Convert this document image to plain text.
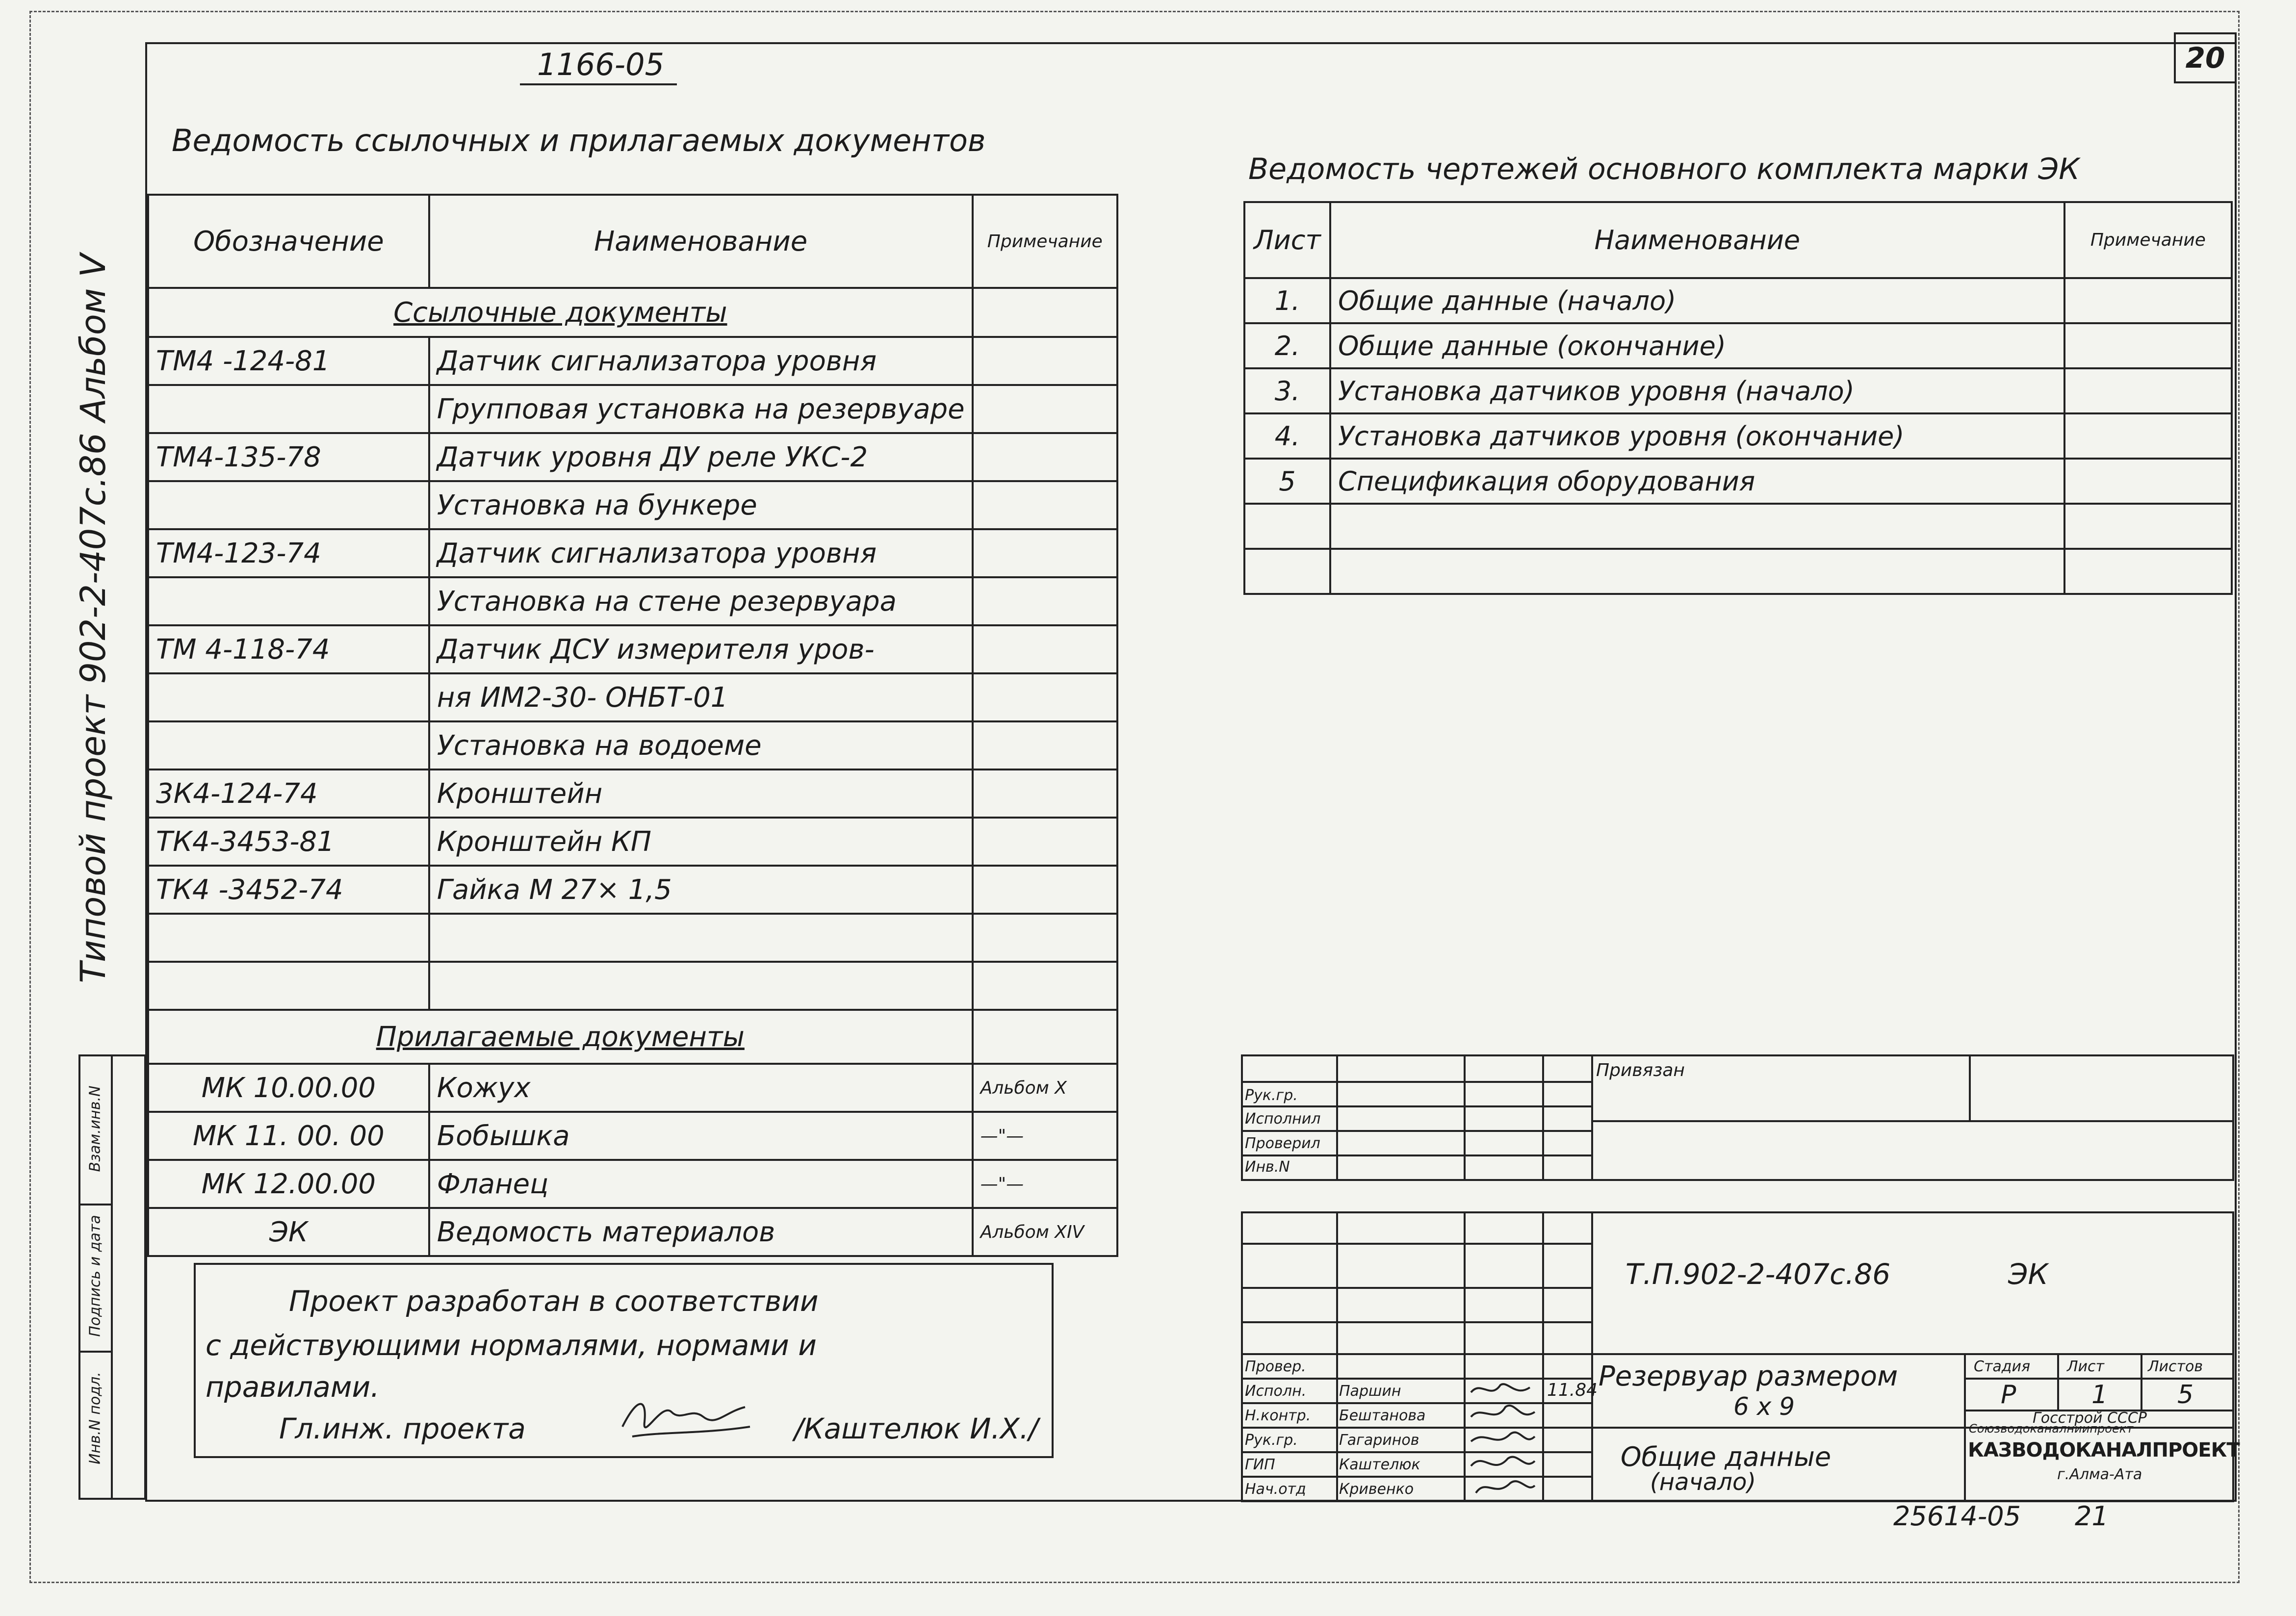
20
1166-05
Типовой проект 902-2-407с.86 Альбом V
Инв.N подл.
Подпись и дата
Взам.инв.N
Ведомость ссылочных и прилагаемых документов
Обозначение	Наименование	Примечание
Ссылочные документы		
ТМ4 -124-81	Датчик сигнализатора уровня	
	Групповая установка на резервуаре	
ТМ4-135-78	Датчик уровня ДУ реле УКС-2	
	Установка на бункере	
ТМ4-123-74	Датчик сигнализатора уровня	
	Установка на стене резервуара	
ТМ 4-118-74	Датчик ДСУ измерителя уров-	
	ня ИМ2-30- ОНБТ-01	
	Установка на водоеме	
3К4-124-74	Кронштейн	
ТК4-3453-81	Кронштейн КП	
ТК4 -3452-74	Гайка М 27× 1,5	

Прилагаемые документы		
МК 10.00.00	Кожух	Альбом X
МК 11. 00. 00	Бобышка	—"—
МК 12.00.00	Фланец	—"—
ЭК	Ведомость материалов	Альбом XIV
Проект разработан в соответствии
с действующими нормалями, нормами и
правилами.
Гл.инж. проекта	/Каштелюк И.Х./
Ведомость чертежей основного комплекта марки ЭК
Лист	Наименование	Примечание
1.	Общие данные (начало)	
2.	Общие данные (окончание)	
3.	Установка датчиков уровня (начало)	
4.	Установка датчиков уровня (окончание)	
5	Спецификация оборудования	

Привязан
Рук.гр.
Исполнил
Проверил
Инв.N
Т.П.902-2-407с.86	ЭК
Провер.
Исполн. Паршин
Н.контр. Бештанова
Рук.гр.	Гагаринов
ГИП	Каштелюк
Нач.отд Кривенко
11.84 Резервуар размером
6 x 9
Общие данные
(начало)
Стадия Лист	Листов
Р	1	5
Госстрой СССР
Союзводоканалниипроект
КАЗВОДОКАНАЛПРОЕКТ
г.Алма-Ата
25614-05 21
